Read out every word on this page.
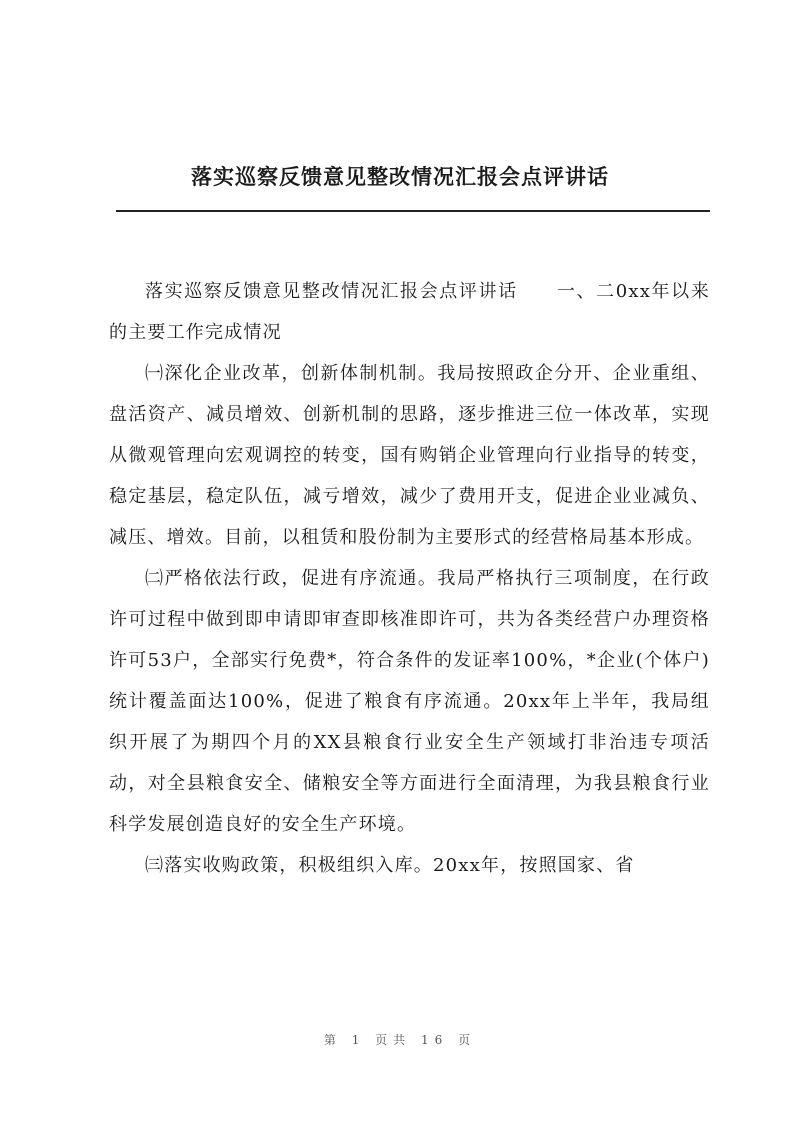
落实巡察反馈意见整改情况汇报会点评讲话

落实巡察反馈意见整改情况汇报会点评讲话　　一、二0xx年以来的主要工作完成情况

㈠深化企业改革，创新体制机制。我局按照政企分开、企业重组、盘活资产、减员增效、创新机制的思路，逐步推进三位一体改革，实现从微观管理向宏观调控的转变，国有购销企业管理向行业指导的转变，稳定基层，稳定队伍，减亏增效，减少了费用开支，促进企业业减负、减压、增效。目前，以租赁和股份制为主要形式的经营格局基本形成。

㈡严格依法行政，促进有序流通。我局严格执行三项制度，在行政许可过程中做到即申请即审查即核准即许可，共为各类经营户办理资格许可53户，全部实行免费*，符合条件的发证率100%，*企业(个体户)统计覆盖面达100%，促进了粮食有序流通。20xx年上半年，我局组织开展了为期四个月的XX县粮食行业安全生产领域打非治违专项活动，对全县粮食安全、储粮安全等方面进行全面清理，为我县粮食行业科学发展创造良好的安全生产环境。

㈢落实收购政策，积极组织入库。20xx年，按照国家、省

第 1 页共 16 页
